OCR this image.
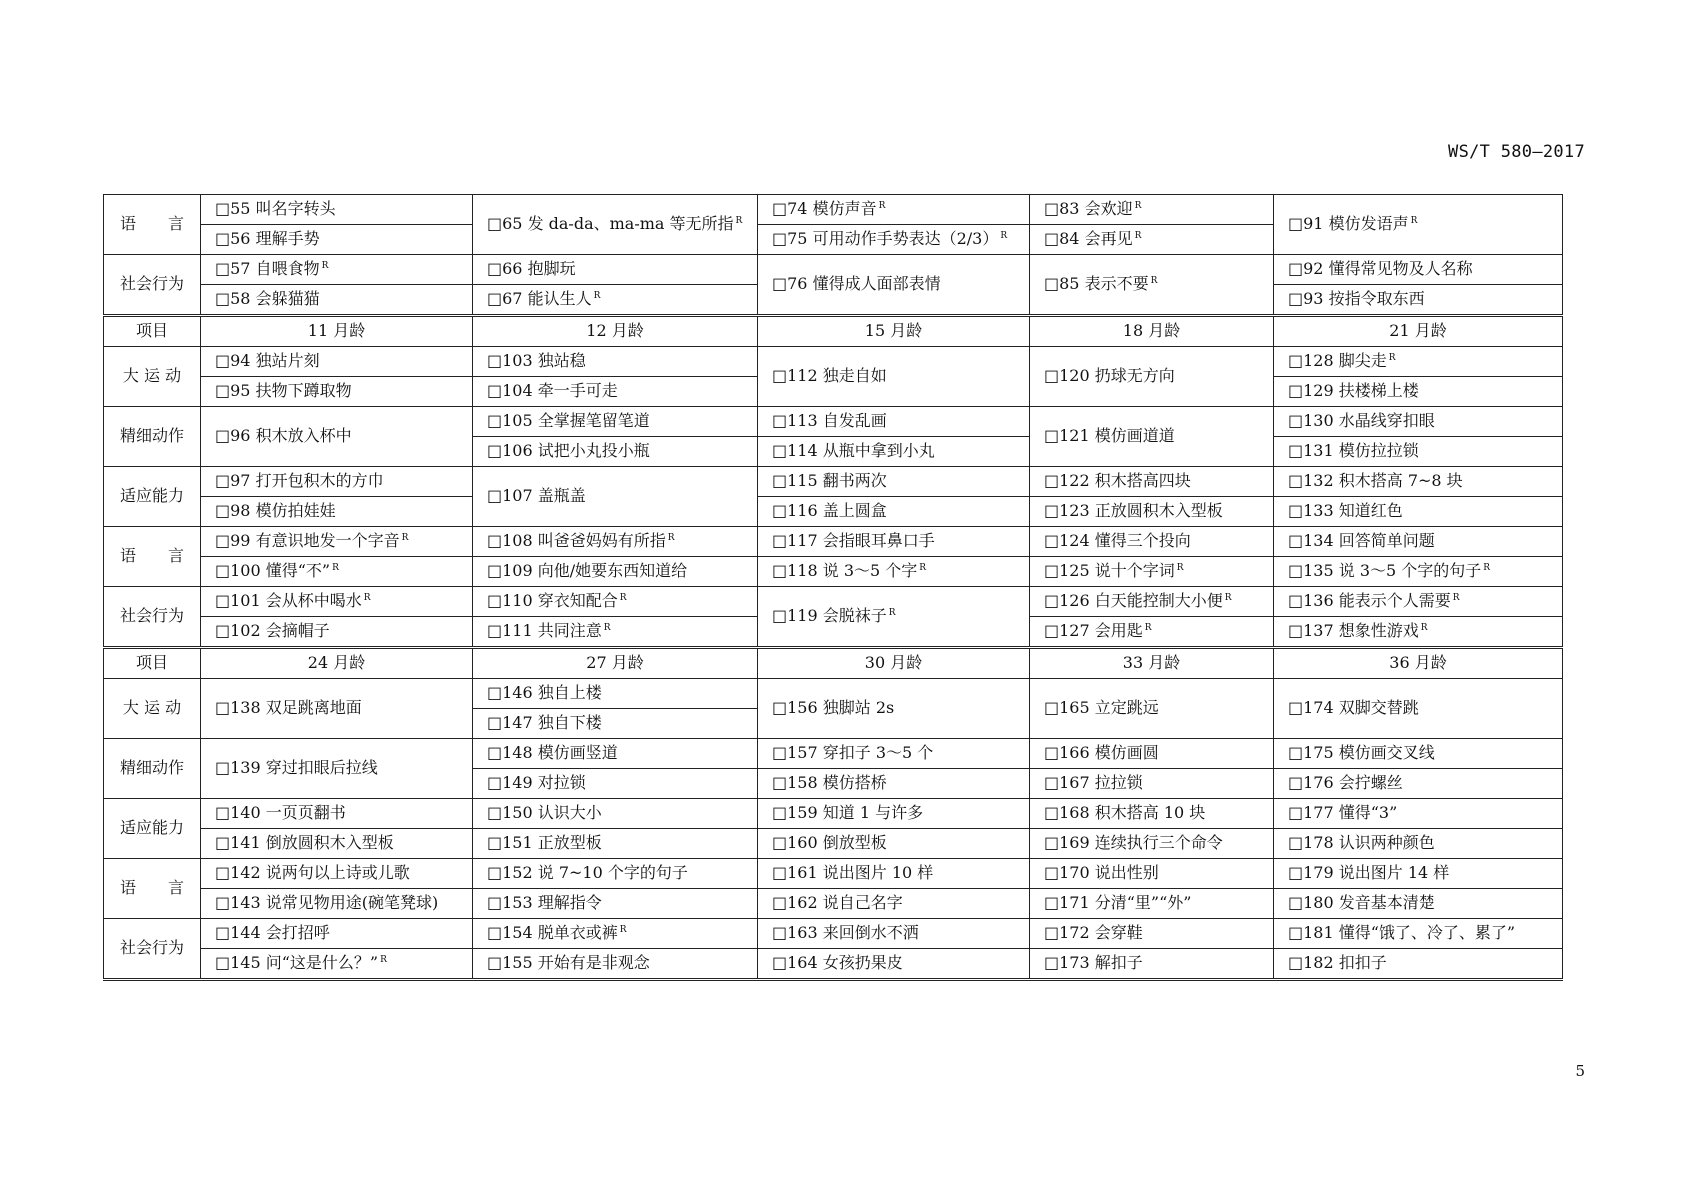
WS/T 580—2017
语　　言	□55 叫名字转头	□65 发 da-da、ma-ma 等无所指 $^R$	□74 模仿声音 $^R$	□83 会欢迎 $^R$	□91 模仿发语声 $^R$
	□56 理解手势		□75 可用动作手势表达（2/3） $^R$	□84 会再见 $^R$
社会行为	□57 自喂食物 $^R$	□66 抱脚玩	□76 懂得成人面部表情	□85 表示不要 $^R$	□92 懂得常见物及人名称
	□58 会躲猫猫	□67 能认生人 $^R$			□93 按指令取东西
项目	11 月龄	12 月龄	15 月龄	18 月龄	21 月龄
大 运 动	□94 独站片刻	□103 独站稳	□112 独走自如	□120 扔球无方向	□128 脚尖走 $^R$
	□95 扶物下蹲取物	□104 牵一手可走			□129 扶楼梯上楼
精细动作	□96 积木放入杯中	□105 全掌握笔留笔道	□113 自发乱画	□121 模仿画道道	□130 水晶线穿扣眼
		□106 试把小丸投小瓶	□114 从瓶中拿到小丸		□131 模仿拉拉锁
适应能力	□97 打开包积木的方巾	□107 盖瓶盖	□115 翻书两次	□122 积木搭高四块	□132 积木搭高 7~8 块
	□98 模仿拍娃娃		□116 盖上圆盒	□123 正放圆积木入型板	□133 知道红色
语　　言	□99 有意识地发一个字音 $^R$	□108 叫爸爸妈妈有所指 $^R$	□117 会指眼耳鼻口手	□124 懂得三个投向	□134 回答简单问题
	□100 懂得“不” $^R$	□109 向他/她要东西知道给	□118 说 3～5 个字 $^R$	□125 说十个字词 $^R$	□135 说 3～5 个字的句子 $^R$
社会行为	□101 会从杯中喝水 $^R$	□110 穿衣知配合 $^R$	□119 会脱袜子 $^R$	□126 白天能控制大小便 $^R$	□136 能表示个人需要 $^R$
	□102 会摘帽子	□111 共同注意 $^R$		□127 会用匙 $^R$	□137 想象性游戏 $^R$
项目	24 月龄	27 月龄	30 月龄	33 月龄	36 月龄
大 运 动	□138 双足跳离地面	□146 独自上楼	□156 独脚站 2s	□165 立定跳远	□174 双脚交替跳
		□147 独自下楼			
精细动作	□139 穿过扣眼后拉线	□148 模仿画竖道	□157 穿扣子 3～5 个	□166 模仿画圆	□175 模仿画交叉线
		□149 对拉锁	□158 模仿搭桥	□167 拉拉锁	□176 会拧螺丝
适应能力	□140 一页页翻书	□150 认识大小	□159 知道 1 与许多	□168 积木搭高 10 块	□177 懂得“3”
	□141 倒放圆积木入型板	□151 正放型板	□160 倒放型板	□169 连续执行三个命令	□178 认识两种颜色
语　　言	□142 说两句以上诗或儿歌	□152 说 7~10 个字的句子	□161 说出图片 10 样	□170 说出性别	□179 说出图片 14 样
	□143 说常见物用途(碗笔凳球)	□153 理解指令	□162 说自己名字	□171 分清“里”“外”	□180 发音基本清楚
社会行为	□144 会打招呼	□154 脱单衣或裤 $^R$	□163 来回倒水不洒	□172 会穿鞋	□181 懂得“饿了、冷了、累了”
	□145 问“这是什么？” $^R$	□155 开始有是非观念	□164 女孩扔果皮	□173 解扣子	□182 扣扣子
5
